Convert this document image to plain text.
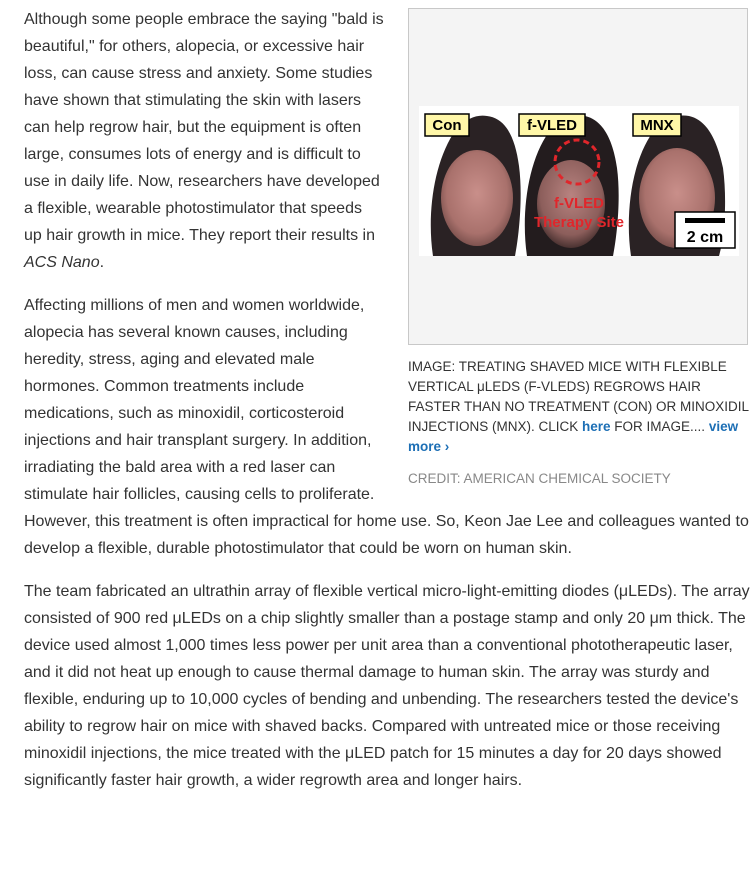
Con	f-VLED	MNX
f-VLED
Therapy Site
2 cm
IMAGE: TREATING SHAVED MICE WITH FLEXIBLE VERTICAL μLEDS (F-VLEDS) REGROWS HAIR FASTER THAN NO TREATMENT (CON) OR MINOXIDIL INJECTIONS (MNX). CLICK here FOR IMAGE.... view more ›
CREDIT: AMERICAN CHEMICAL SOCIETY

Although some people embrace the saying "bald is beautiful," for others, alopecia, or excessive hair loss, can cause stress and anxiety. Some studies have shown that stimulating the skin with lasers can help regrow hair, but the equipment is often large, consumes lots of energy and is difficult to use in daily life. Now, researchers have developed a flexible, wearable photostimulator that speeds up hair growth in mice. They report their results in ACS Nano.

Affecting millions of men and women worldwide, alopecia has several known causes, including heredity, stress, aging and elevated male hormones. Common treatments include medications, such as minoxidil, corticosteroid injections and hair transplant surgery. In addition, irradiating the bald area with a red laser can stimulate hair follicles, causing cells to proliferate. However, this treatment is often impractical for home use. So, Keon Jae Lee and colleagues wanted to develop a flexible, durable photostimulator that could be worn on human skin.

The team fabricated an ultrathin array of flexible vertical micro-light-emitting diodes (μLEDs). The array consisted of 900 red μLEDs on a chip slightly smaller than a postage stamp and only 20 μm thick. The device used almost 1,000 times less power per unit area than a conventional phototherapeutic laser, and it did not heat up enough to cause thermal damage to human skin. The array was sturdy and flexible, enduring up to 10,000 cycles of bending and unbending. The researchers tested the device's ability to regrow hair on mice with shaved backs. Compared with untreated mice or those receiving minoxidil injections, the mice treated with the μLED patch for 15 minutes a day for 20 days showed significantly faster hair growth, a wider regrowth area and longer hairs.
